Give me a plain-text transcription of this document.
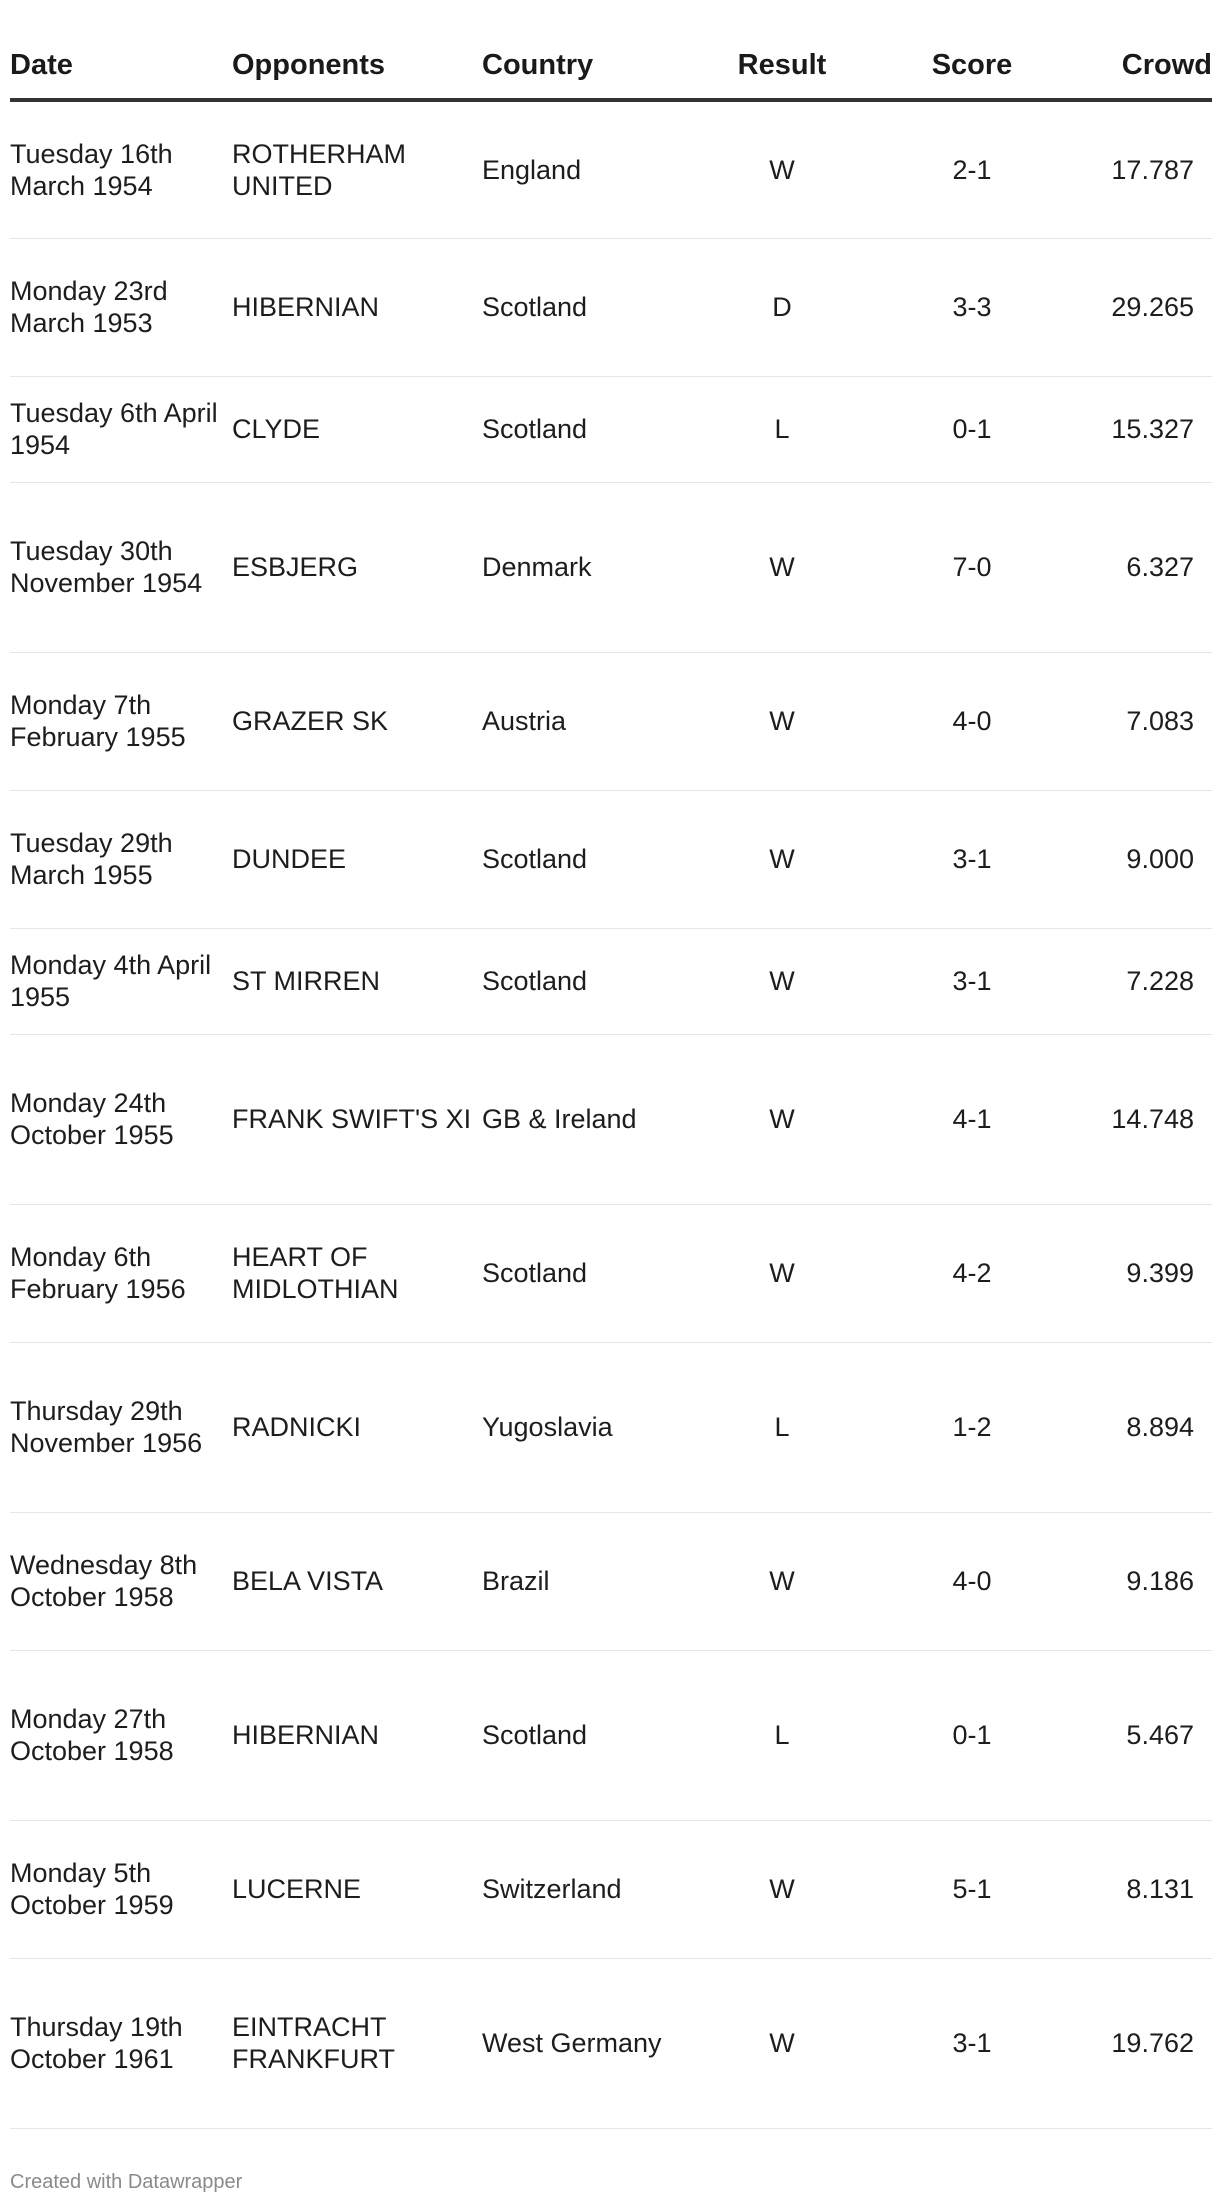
Date	Opponents	Country	Result	Score	Crowd

Tuesday 16th March 1954	ROTHERHAM UNITED	England	W	2-1	17.787

Monday 23rd March 1953	HIBERNIAN	Scotland	D	3-3	29.265

Tuesday 6th April 1954	CLYDE	Scotland	L	0-1	15.327

Tuesday 30th November 1954	ESBJERG	Denmark	W	7-0	6.327

Monday 7th February 1955	GRAZER SK	Austria	W	4-0	7.083

Tuesday 29th March 1955	DUNDEE	Scotland	W	3-1	9.000

Monday 4th April 1955	ST MIRREN	Scotland	W	3-1	7.228

Monday 24th October 1955	FRANK SWIFT'S XI	GB & Ireland	W	4-1	14.748

Monday 6th February 1956	HEART OF MIDLOTHIAN	Scotland	W	4-2	9.399

Thursday 29th November 1956	RADNICKI	Yugoslavia	L	1-2	8.894

Wednesday 8th October 1958	BELA VISTA	Brazil	W	4-0	9.186

Monday 27th October 1958	HIBERNIAN	Scotland	L	0-1	5.467

Monday 5th October 1959	LUCERNE	Switzerland	W	5-1	8.131

Thursday 19th October 1961	EINTRACHT FRANKFURT	West Germany	W	3-1	19.762
Created with Datawrapper
